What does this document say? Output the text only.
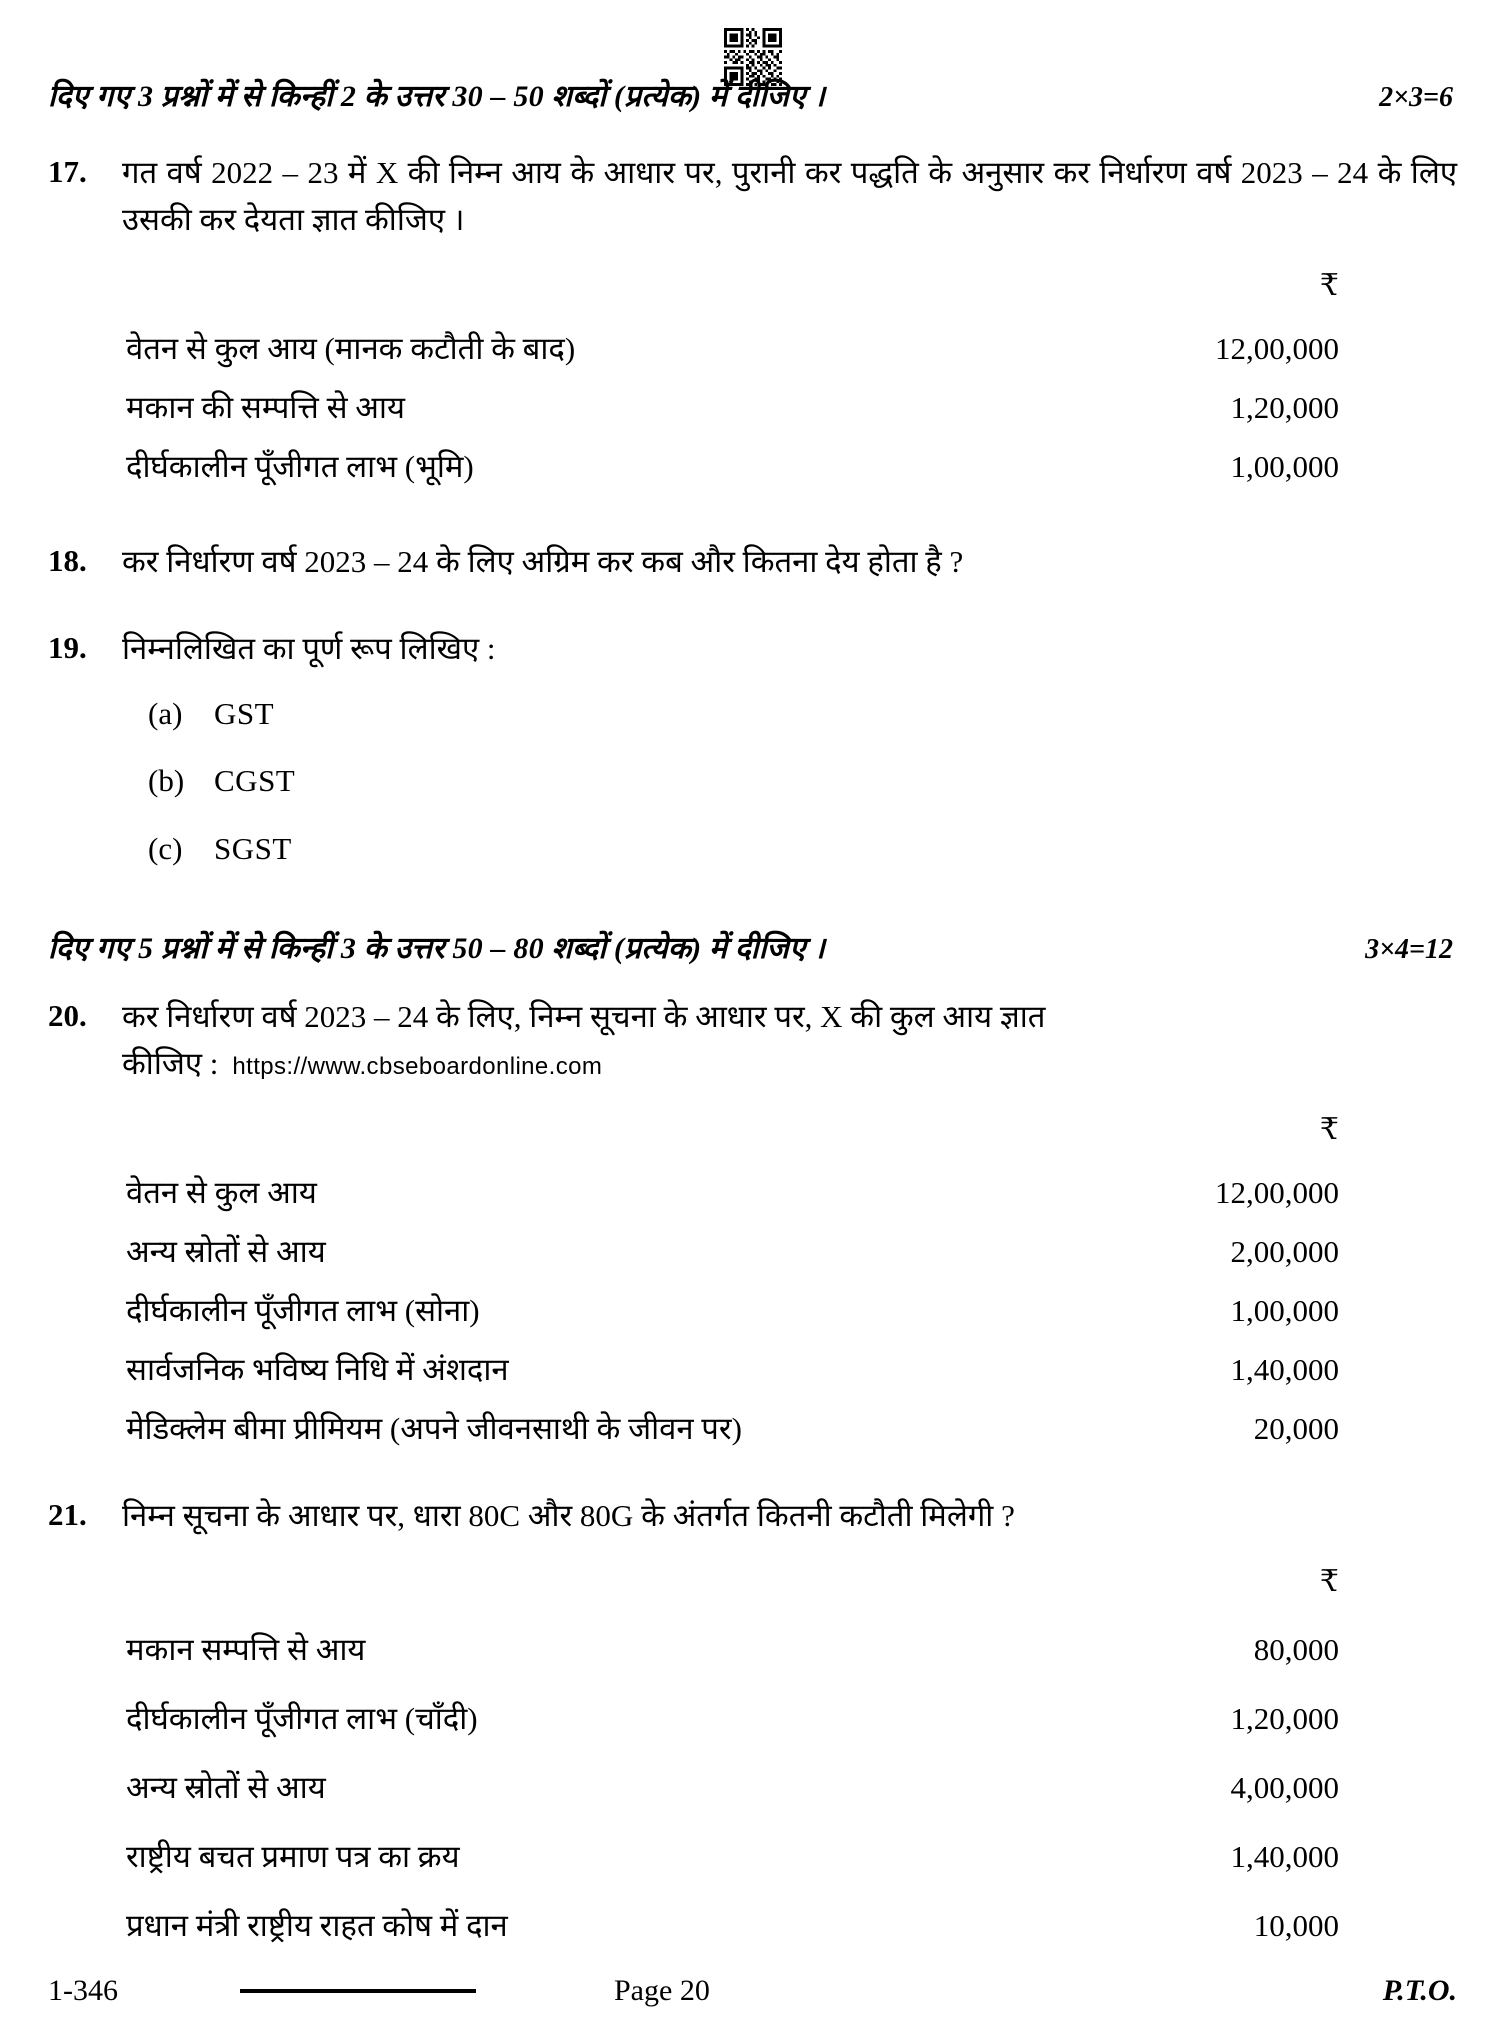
दिए गए 3 प्रश्नों में से किन्हीं 2 के उत्तर 30 – 50 शब्दों (प्रत्येक) में दीजिए ।	2×3=6
17.	गत वर्ष 2022 – 23 में X की निम्न आय के आधार पर, पुरानी कर पद्धति के अनुसार कर निर्धारण वर्ष 2023 – 24 के लिए उसकी कर देयता ज्ञात कीजिए ।
	₹
वेतन से कुल आय (मानक कटौती के बाद)	12,00,000
मकान की सम्पत्ति से आय	1,20,000
दीर्घकालीन पूँजीगत लाभ (भूमि)	1,00,000
18.	कर निर्धारण वर्ष 2023 – 24 के लिए अग्रिम कर कब और कितना देय होता है ?
19.	निम्नलिखित का पूर्ण रूप लिखिए :
(a)	GST
(b) CGST
(c)	SGST
दिए गए 5 प्रश्नों में से किन्हीं 3 के उत्तर 50 – 80 शब्दों (प्रत्येक) में दीजिए ।	3×4=12
20.	कर निर्धारण वर्ष 2023 – 24 के लिए, निम्न सूचना के आधार पर, X की कुल आय ज्ञात
कीजिए : https://www.cbseboardonline.com
	₹
वेतन से कुल आय	12,00,000
अन्य स्रोतों से आय	2,00,000
दीर्घकालीन पूँजीगत लाभ (सोना)	1,00,000
सार्वजनिक भविष्य निधि में अंशदान	1,40,000
मेडिक्लेम बीमा प्रीमियम (अपने जीवनसाथी के जीवन पर)	20,000
21.	निम्न सूचना के आधार पर, धारा 80C और 80G के अंतर्गत कितनी कटौती मिलेगी ?
	₹
मकान सम्पत्ति से आय	80,000
दीर्घकालीन पूँजीगत लाभ (चाँदी)	1,20,000
अन्य स्रोतों से आय	4,00,000
राष्ट्रीय बचत प्रमाण पत्र का क्रय	1,40,000
प्रधान मंत्री राष्ट्रीय राहत कोष में दान	10,000
1-346	Page 20	P.T.O.
